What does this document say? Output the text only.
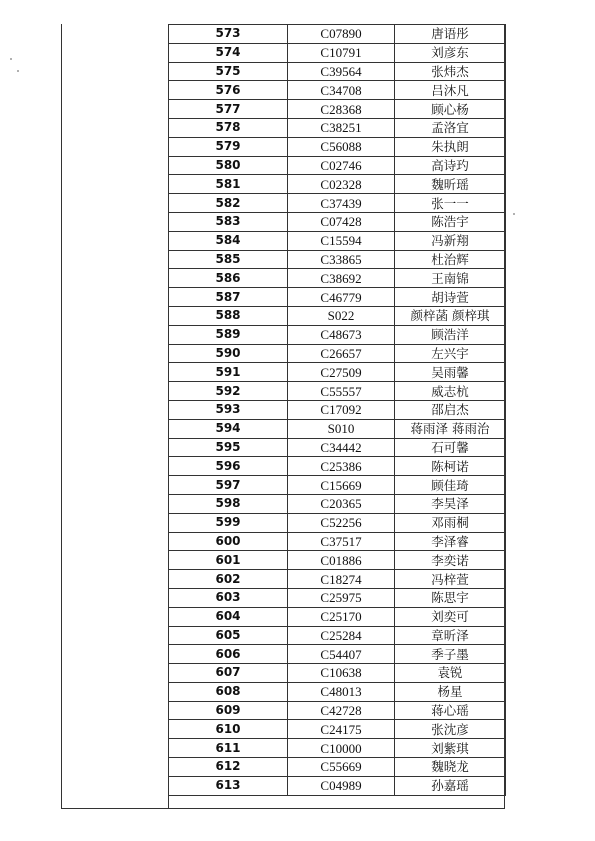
573	C07890	唐语彤
574	C10791	刘彦东
575	C39564	张炜杰
576	C34708	吕沐凡
577	C28368	顾心杨
578	C38251	孟洛宜
579	C56088	朱执朗
580	C02746	高诗玓
581	C02328	魏昕瑶
582	C37439	张一一
583	C07428	陈浩宇
584	C15594	冯新翔
585	C33865	杜治辉
586	C38692	王南锦
587	C46779	胡诗萱
588	S022	颜梓菡 颜梓琪
589	C48673	顾浩洋
590	C26657	左兴宇
591	C27509	吴雨馨
592	C55557	威志杭
593	C17092	邵启杰
594	S010	蒋雨泽 蒋雨治
595	C34442	石可馨
596	C25386	陈柯诺
597	C15669	顾佳琦
598	C20365	李昊泽
599	C52256	邓雨桐
600	C37517	李泽睿
601	C01886	李奕诺
602	C18274	冯梓萱
603	C25975	陈思宇
604	C25170	刘奕可
605	C25284	章昕泽
606	C54407	季子墨
607	C10638	袁锐
608	C48013	杨星
609	C42728	蒋心瑶
610	C24175	张沈彦
611	C10000	刘紫琪
612	C55669	魏晓龙
613	C04989	孙嘉瑶
